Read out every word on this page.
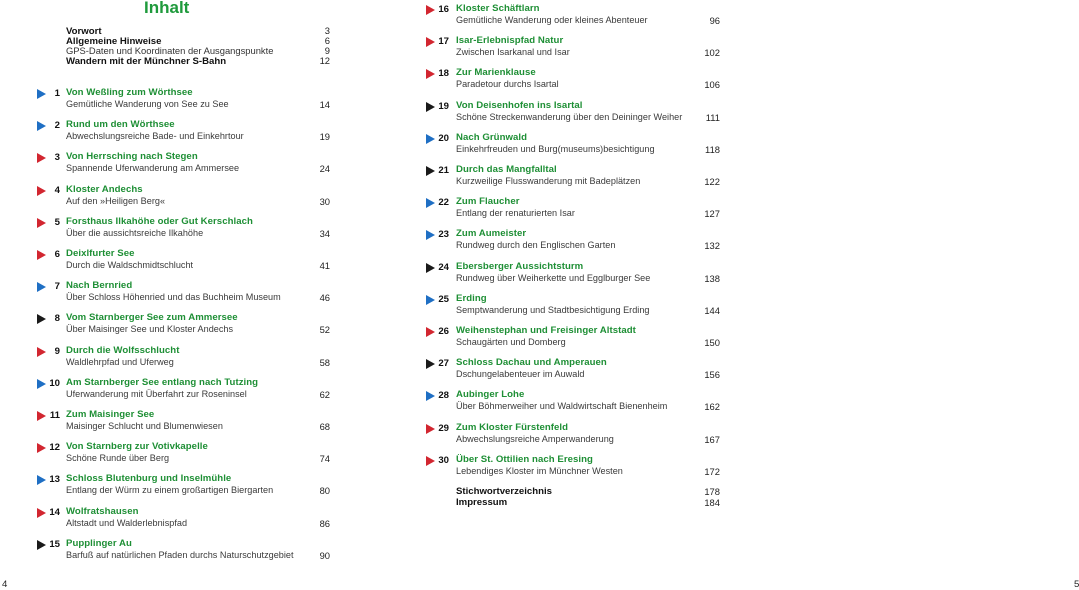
Inhalt
Vorwort	3
Allgemeine Hinweise	6
GPS-Daten und Koordinaten der Ausgangspunkte	9
Wandern mit der Münchner S-Bahn	12
1 Von Weßling zum Wörthsee
Gemütliche Wanderung von See zu See	14
2 Rund um den Wörthsee
Abwechslungsreiche Bade- und Einkehrtour	19
3 Von Herrsching nach Stegen
Spannende Uferwanderung am Ammersee	24
4 Kloster Andechs
Auf den »Heiligen Berg«	30
5 Forsthaus Ilkahöhe oder Gut Kerschlach
Über die aussichtsreiche Ilkahöhe	34
6 Deixlfurter See
Durch die Waldschmidtschlucht	41
7 Nach Bernried
Über Schloss Höhenried und das Buchheim Museum	46
8 Vom Starnberger See zum Ammersee
Über Maisinger See und Kloster Andechs	52
9 Durch die Wolfsschlucht
Waldlehrpfad und Uferweg	58
10 Am Starnberger See entlang nach Tutzing
Uferwanderung mit Überfahrt zur Roseninsel	62
11 Zum Maisinger See
Maisinger Schlucht und Blumenwiesen	68
12 Von Starnberg zur Votivkapelle
Schöne Runde über Berg	74
13 Schloss Blutenburg und Inselmühle
Entlang der Würm zu einem großartigen Biergarten	80
14 Wolfratshausen
Altstadt und Walderlebnispfad	86
15 Pupplinger Au
Barfuß auf natürlichen Pfaden durchs Naturschutzgebiet	90
4
16 Kloster Schäftlarn
Gemütliche Wanderung oder kleines Abenteuer	96
17 Isar-Erlebnispfad Natur
Zwischen Isarkanal und Isar	102
18 Zur Marienklause
Paradetour durchs Isartal	106
19 Von Deisenhofen ins Isartal
Schöne Streckenwanderung über den Deininger Weiher	111
20 Nach Grünwald
Einkehrfreuden und Burg(museums)besichtigung	118
21 Durch das Mangfalltal
Kurzweilige Flusswanderung mit Badeplätzen	122
22 Zum Flaucher
Entlang der renaturierten Isar	127
23 Zum Aumeister
Rundweg durch den Englischen Garten	132
24 Ebersberger Aussichtsturm
Rundweg über Weiherkette und Egglburger See	138
25 Erding
Semptwanderung und Stadtbesichtigung Erding	144
26 Weihenstephan und Freisinger Altstadt
Schaugärten und Domberg	150
27 Schloss Dachau und Amperauen
Dschungelabenteuer im Auwald	156
28 Aubinger Lohe
Über Böhmerweiher und Waldwirtschaft Bienenheim	162
29 Zum Kloster Fürstenfeld
Abwechslungsreiche Amperwanderung	167
30 Über St. Ottilien nach Eresing
Lebendiges Kloster im Münchner Westen	172
Stichwortverzeichnis	178
Impressum	184
5
